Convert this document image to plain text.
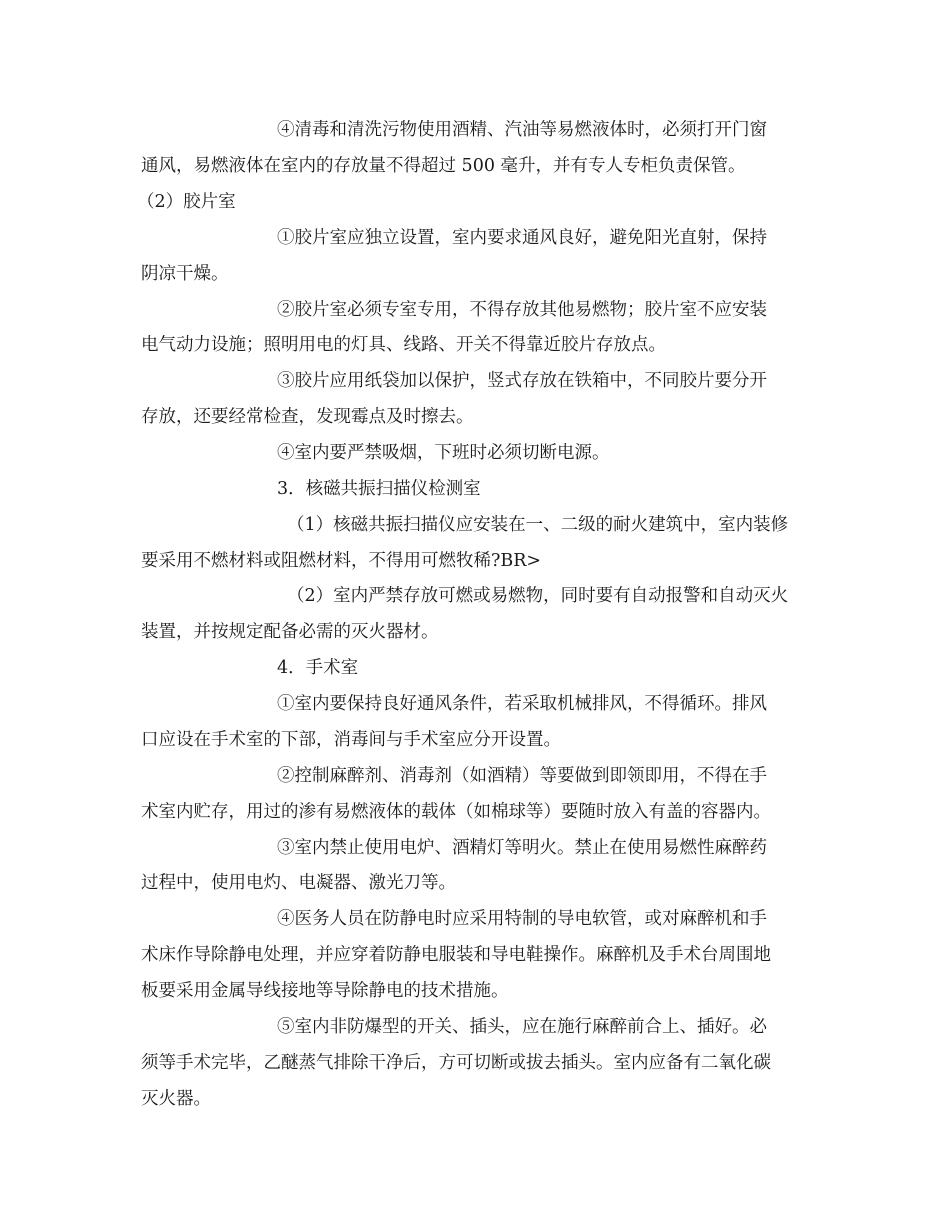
④清毒和清洗污物使用酒精、汽油等易燃液体时，必须打开门窗
通风，易燃液体在室内的存放量不得超过 500 毫升，并有专人专柜负责保管。
（2）胶片室
①胶片室应独立设置，室内要求通风良好，避免阳光直射，保持
阴凉干燥。
②胶片室必须专室专用，不得存放其他易燃物；胶片室不应安装
电气动力设施；照明用电的灯具、线路、开关不得靠近胶片存放点。
③胶片应用纸袋加以保护，竖式存放在铁箱中，不同胶片要分开
存放，还要经常检查，发现霉点及时擦去。
④室内要严禁吸烟，下班时必须切断电源。
3．核磁共振扫描仪检测室
（1）核磁共振扫描仪应安装在一、二级的耐火建筑中，室内装修
要采用不燃材料或阻燃材料，不得用可燃牧稀?BR>
（2）室内严禁存放可燃或易燃物，同时要有自动报警和自动灭火
装置，并按规定配备必需的灭火器材。
4．手术室
①室内要保持良好通风条件，若采取机械排风，不得循环。排风
口应设在手术室的下部，消毒间与手术室应分开设置。
②控制麻醉剂、消毒剂（如酒精）等要做到即领即用，不得在手
术室内贮存，用过的渗有易燃液体的载体（如棉球等）要随时放入有盖的容器内。
③室内禁止使用电炉、酒精灯等明火。禁止在使用易燃性麻醉药
过程中，使用电灼、电凝器、激光刀等。
④医务人员在防静电时应采用特制的导电软管，或对麻醉机和手
术床作导除静电处理，并应穿着防静电服装和导电鞋操作。麻醉机及手术台周围地
板要采用金属导线接地等导除静电的技术措施。
⑤室内非防爆型的开关、插头，应在施行麻醉前合上、插好。必
须等手术完毕，乙醚蒸气排除干净后，方可切断或拔去插头。室内应备有二氧化碳
灭火器。
